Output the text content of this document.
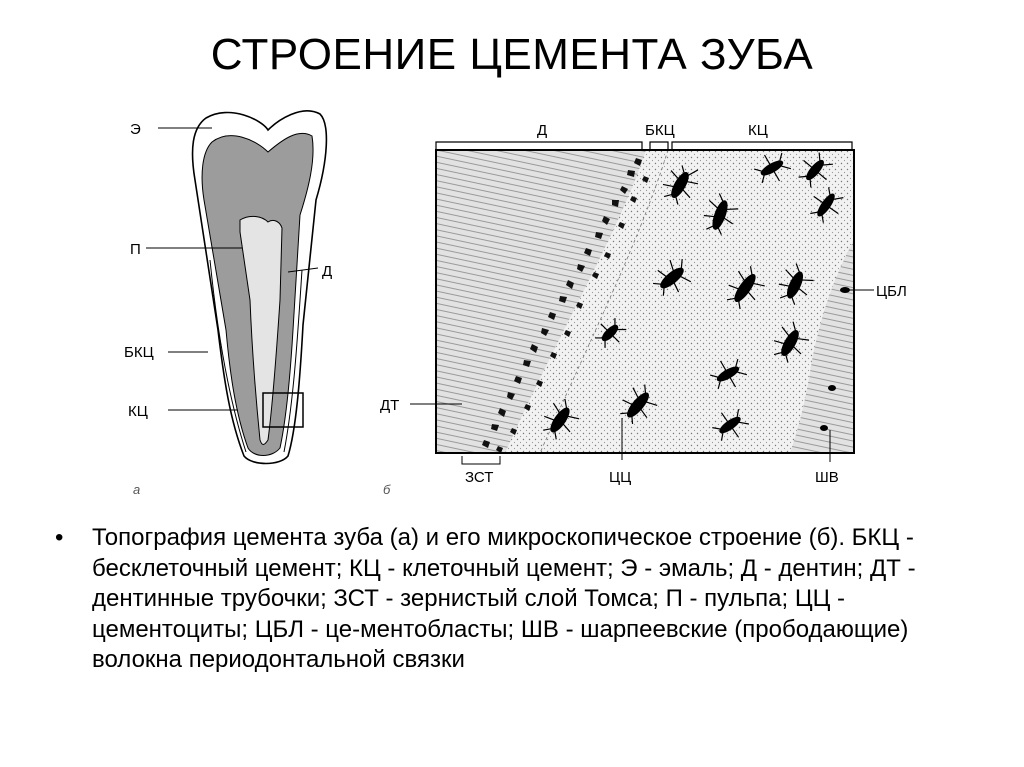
СТРОЕНИЕ ЦЕМЕНТА ЗУБА
Э
П
Д
БКЦ
КЦ
а
Д	БКЦ	КЦ
ЦБЛ
ДТ
ЗСТ	ЦЦ	ШВ
б
• Топография цемента зуба (а) и его микроскопическое строение (б). БКЦ - бесклеточный цемент; КЦ - клеточный цемент; Э - эмаль; Д - дентин; ДТ - дентинные трубочки; ЗСТ - зернистый слой Томса; П - пульпа; ЦЦ - цементоциты; ЦБЛ - це-ментобласты; ШВ - шарпеевские (прободающие) волокна периодонтальной связки
